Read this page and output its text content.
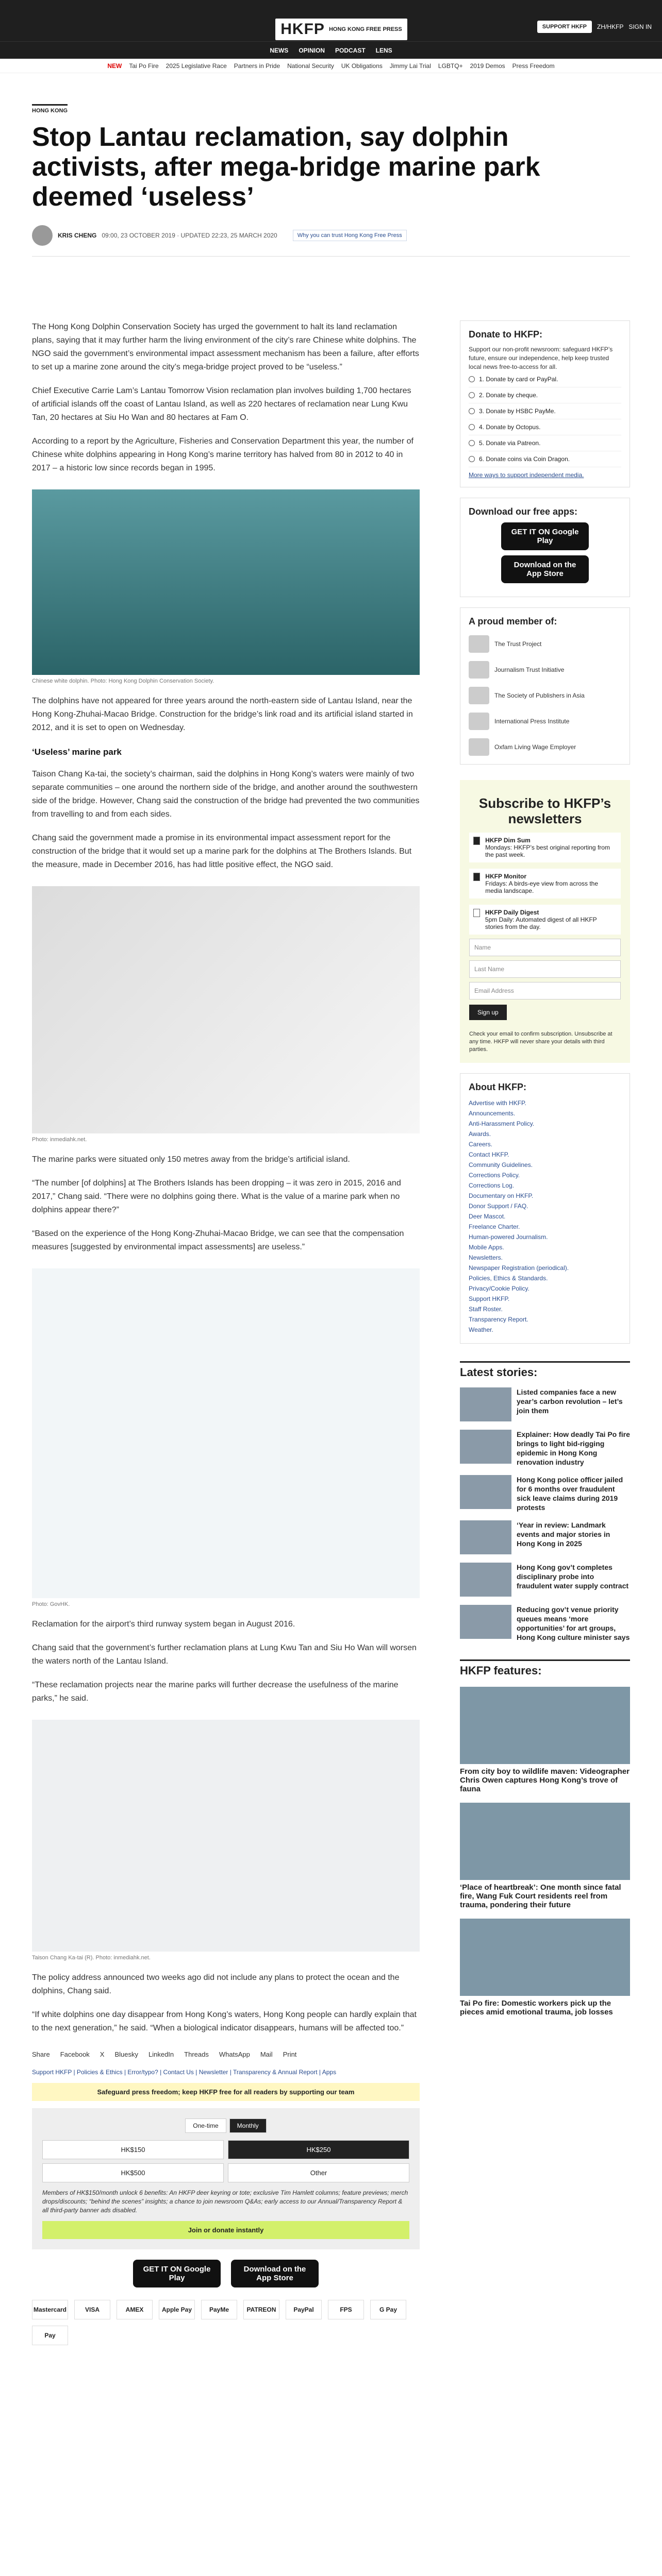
HKFP HONG KONG FREE PRESS	SUPPORT HKFP	ZH/HKFP SIGN IN
NEWS OPINION PODCAST LENS
NEW Tai Po Fire 2025 Legislative Race Partners in Pride National Security UK Obligations Jimmy Lai Trial LGBTQ+ 2019 Demos Press Freedom
HONG KONG
Stop Lantau reclamation, say dolphin activists, after mega-bridge marine park deemed ‘useless’
KRIS CHENG 09:00, 23 OCTOBER 2019 · UPDATED 22:23, 25 MARCH 2020	Why you can trust Hong Kong Free Press

The Hong Kong Dolphin Conservation Society has urged the government to halt its land reclamation plans, saying that it may further harm the living environment of the city’s rare Chinese white dolphins. The NGO said the government’s environmental impact assessment mechanism has been a failure, after efforts to set up a marine zone around the city’s mega-bridge project proved to be “useless.”

Chief Executive Carrie Lam’s Lantau Tomorrow Vision reclamation plan involves building 1,700 hectares of artificial islands off the coast of Lantau Island, as well as 220 hectares of reclamation near Lung Kwu Tan, 20 hectares at Siu Ho Wan and 80 hectares at Fam O.

According to a report by the Agriculture, Fisheries and Conservation Department this year, the number of Chinese white dolphins appearing in Hong Kong’s marine territory has halved from 80 in 2012 to 40 in 2017 – a historic low since records began in 1995.

Chinese white dolphin. Photo: Hong Kong Dolphin Conservation Society.

The dolphins have not appeared for three years around the north-eastern side of Lantau Island, near the Hong Kong-Zhuhai-Macao Bridge. Construction for the bridge’s link road and its artificial island started in 2012, and it is set to open on Wednesday.

‘Useless’ marine park

Taison Chang Ka-tai, the society’s chairman, said the dolphins in Hong Kong’s waters were mainly of two separate communities – one around the northern side of the bridge, and another around the southwestern side of the bridge. However, Chang said the construction of the bridge had prevented the two communities from travelling to and from each sides.

Chang said the government made a promise in its environmental impact assessment report for the construction of the bridge that it would set up a marine park for the dolphins at The Brothers Islands. But the measure, made in December 2016, has had little positive effect, the NGO said.

Photo: inmediahk.net.

The marine parks were situated only 150 metres away from the bridge’s artificial island.

“The number [of dolphins] at The Brothers Islands has been dropping – it was zero in 2015, 2016 and 2017,” Chang said. “There were no dolphins going there. What is the value of a marine park when no dolphins appear there?”

“Based on the experience of the Hong Kong-Zhuhai-Macao Bridge, we can see that the compensation measures [suggested by environmental impact assessments] are useless.”

Photo: GovHK.

Reclamation for the airport’s third runway system began in August 2016.

Chang said that the government’s further reclamation plans at Lung Kwu Tan and Siu Ho Wan will worsen the waters north of the Lantau Island.

“These reclamation projects near the marine parks will further decrease the usefulness of the marine parks,” he said.

Taison Chang Ka-tai (R). Photo: inmediahk.net.

The policy address announced two weeks ago did not include any plans to protect the ocean and the dolphins, Chang said.

“If white dolphins one day disappear from Hong Kong’s waters, Hong Kong people can hardly explain that to the next generation,” he said. “When a biological indicator disappears, humans will be affected too.”

Share Facebook X Bluesky LinkedIn Threads WhatsApp Mail Print
Support HKFP | Policies & Ethics | Error/typo? | Contact Us | Newsletter | Transparency & Annual Report | Apps
Safeguard press freedom; keep HKFP free for all readers by supporting our team
One-time	Monthly
HK$150	HK$250
HK$500	Other

Members of HK$150/month unlock 6 benefits: An HKFP deer keyring or tote; exclusive Tim Hamlett columns; feature previews; merch drops/discounts; “behind the scenes” insights; a chance to join newsroom Q&As; early access to our Annual/Transparency Report & all third-party banner ads disabled.

Join or donate instantly
GET IT ON Google Play
Download on the App Store
Mastercard	VISA	AMEX	Apple Pay	PayMe	PATREON	PayPal	FPS	G Pay
Pay
Donate to HKFP:

Support our non-profit newsroom: safeguard HKFP’s future, ensure our independence, help keep trusted local news free-to-access for all.

1. Donate by card or PayPal.
2. Donate by cheque.
3. Donate by HSBC PayMe.
4. Donate by Octopus.
5. Donate via Patreon.
6. Donate coins via Coin Dragon.
More ways to support independent media.
Download our free apps:
GET IT ON Google Play
Download on the App Store
A proud member of:
The Trust Project
Journalism Trust Initiative
The Society of Publishers in Asia
International Press Institute
Oxfam Living Wage Employer
Subscribe to HKFP’s newsletters
HKFP Dim Sum
Mondays: HKFP’s best original reporting from the past week.
HKFP Monitor
Fridays: A birds-eye view from across the media landscape.
HKFP Daily Digest
5pm Daily: Automated digest of all HKFP stories from the day.
Name
Last Name
Email Address
Sign up

Check your email to confirm subscription. Unsubscribe at any time. HKFP will never share your details with third parties.

About HKFP:
Advertise with HKFP.
Announcements.
Anti-Harassment Policy.
Awards.
Careers.
Contact HKFP.
Community Guidelines.
Corrections Policy.
Corrections Log.
Documentary on HKFP.
Donor Support / FAQ.
Deer Mascot.
Freelance Charter.
Human-powered Journalism.
Mobile Apps.
Newsletters.
Newspaper Registration (periodical).
Policies, Ethics & Standards.
Privacy/Cookie Policy.
Support HKFP.
Staff Roster.
Transparency Report.
Weather.
Latest stories:
Listed companies face a new year’s carbon revolution – let’s join them
Explainer: How deadly Tai Po fire brings to light bid-rigging epidemic in Hong Kong renovation industry
Hong Kong police officer jailed for 6 months over fraudulent sick leave claims during 2019 protests
‘Year in review: Landmark events and major stories in Hong Kong in 2025
Hong Kong gov’t completes disciplinary probe into fraudulent water supply contract
Reducing gov’t venue priority queues means ‘more opportunities’ for art groups, Hong Kong culture minister says
HKFP features:
From city boy to wildlife maven: Videographer Chris Owen captures Hong Kong’s trove of fauna
‘Place of heartbreak’: One month since fatal fire, Wang Fuk Court residents reel from trauma, pondering their future
Tai Po fire: Domestic workers pick up the pieces amid emotional trauma, job losses
